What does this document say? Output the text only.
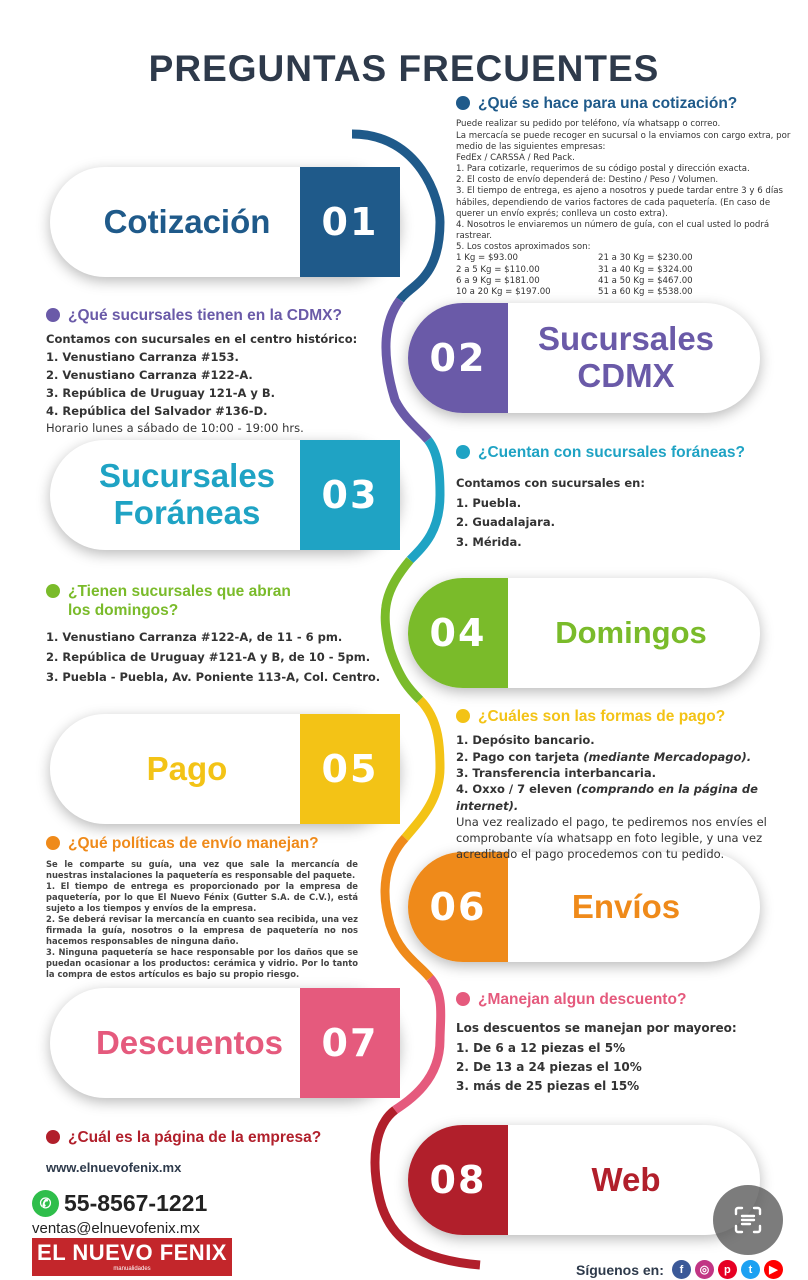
PREGUNTAS FRECUENTES
Cotización	01
02	Sucursales CDMX
Sucursales Foráneas	03
04	Domingos
Pago	05
06	Envíos
Descuentos	07
08	Web
¿Qué se hace para una cotización?
Puede realizar su pedido por teléfono, vía whatsapp o correo.
La mercacía se puede recoger en sucursal o la enviamos con cargo extra, por medio de las siguientes empresas:
FedEx / CARSSA / Red Pack.
1. Para cotizarle, requerimos de su código postal y dirección exacta.
2. El costo de envío dependerá de: Destino / Peso / Volumen.
3. El tiempo de entrega, es ajeno a nosotros y puede tardar entre 3 y 6 días hábiles, dependiendo de varios factores de cada paquetería. (En caso de querer un envío exprés; conlleva un costo extra).
4. Nosotros le enviaremos un número de guía, con el cual usted lo podrá rastrear.
5. Los costos aproximados son:
1 Kg = $93.00	21 a 30 Kg = $230.00
2 a 5 Kg = $110.00	31 a 40 Kg = $324.00
6 a 9 Kg = $181.00	41 a 50 Kg = $467.00
10 a 20 Kg = $197.00	51 a 60 Kg = $538.00
¿Qué sucursales tienen en la CDMX?
Contamos con sucursales en el centro histórico:
1. Venustiano Carranza #153.
2. Venustiano Carranza #122-A.
3. República de Uruguay 121-A y B.
4. República del Salvador #136-D.
Horario lunes a sábado de 10:00 - 19:00 hrs.
¿Cuentan con sucursales foráneas?
Contamos con sucursales en:
1. Puebla.
2. Guadalajara.
3. Mérida.
¿Tienen sucursales que abran los domingos?
1. Venustiano Carranza #122-A, de 11 - 6 pm.
2. República de Uruguay #121-A y B, de 10 - 5pm.
3. Puebla - Puebla, Av. Poniente 113-A, Col. Centro.
¿Cuáles son las formas de pago?
1. Depósito bancario.
2. Pago con tarjeta (mediante Mercadopago).
3. Transferencia interbancaria.
4. Oxxo / 7 eleven (comprando en la página de internet).
Una vez realizado el pago, te pediremos nos envíes el comprobante vía whatsapp en foto legible, y una vez acreditado el pago procedemos con tu pedido.
¿Qué políticas de envío manejan?
Se le comparte su guía, una vez que sale la mercancía de nuestras instalaciones la paquetería es responsable del paquete.
1. El tiempo de entrega es proporcionado por la empresa de paquetería, por lo que El Nuevo Fénix (Gutter S.A. de C.V.), está sujeto a los tiempos y envíos de la empresa.
2. Se deberá revisar la mercancía en cuanto sea recibida, una vez firmada la guía, nosotros o la empresa de paquetería no nos hacemos responsables de ninguna daño.
3. Ninguna paquetería se hace responsable por los daños que se puedan ocasionar a los productos: cerámica y vidrio. Por lo tanto la compra de estos artículos es bajo su propio riesgo.
¿Manejan algun descuento?
Los descuentos se manejan por mayoreo:
1. De 6 a 12 piezas el 5%
2. De 13 a 24 piezas el 10%
3. más de 25 piezas el 15%
¿Cuál es la página de la empresa?
www.elnuevofenix.mx
✆ 55-8567-1221
ventas@elnuevofenix.mx
EL NUEVO FENIX
manualidades	Síguenos en:	f	◎	p	t	▶
